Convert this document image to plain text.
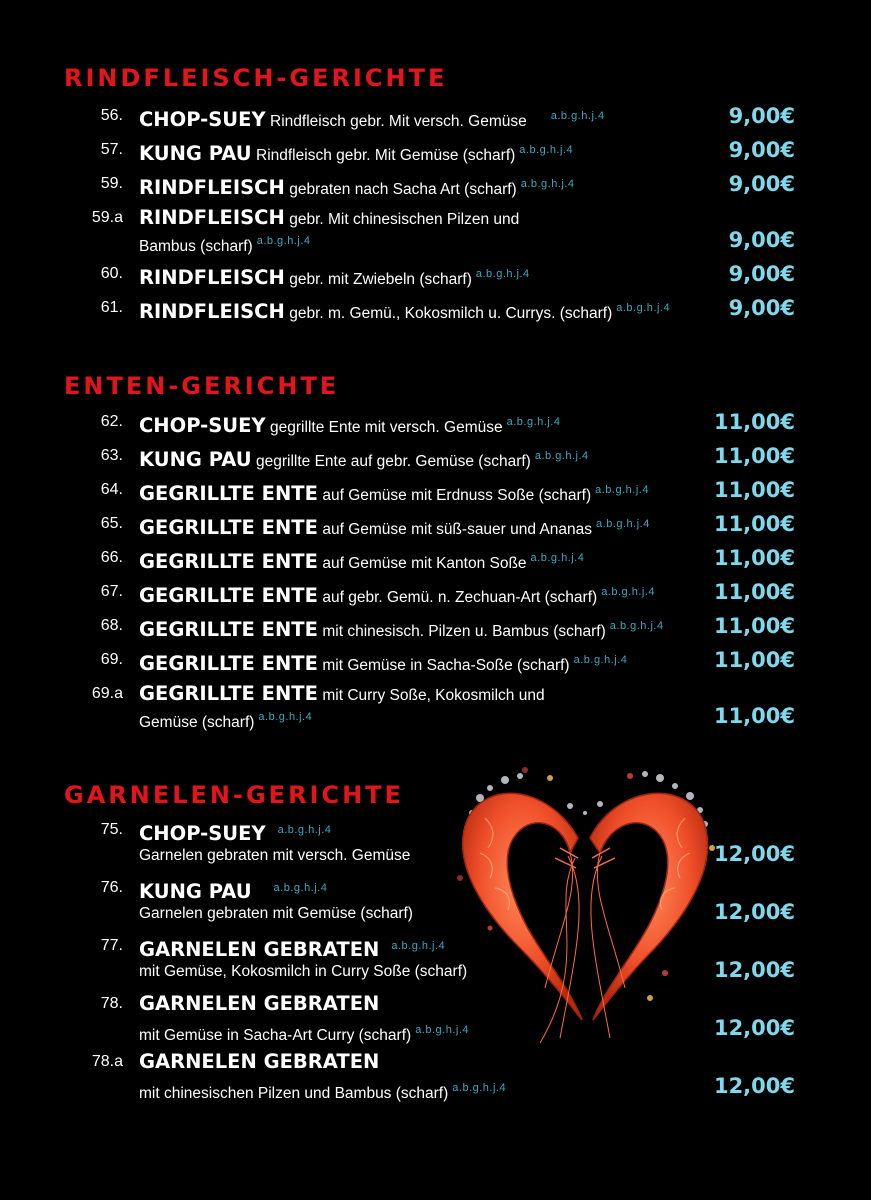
RINDFLEISCH-GERICHTE
ENTEN-GERICHTE
GARNELEN-GERICHTE
56. CHOP-SUEY Rindfleisch gebr. Mit versch. Gemüse $^{a.b.g.h.j.4}$	9,00€
57. KUNG PAU Rindfleisch gebr. Mit Gemüse (scharf) $^{a.b.g.h.j.4}$	9,00€
59. RINDFLEISCH gebraten nach Sacha Art (scharf) $^{a.b.g.h.j.4}$	9,00€
59.a RINDFLEISCH gebr. Mit chinesischen Pilzen und
Bambus (scharf) $^{a.b.g.h.j.4}$	9,00€
60. RINDFLEISCH gebr. mit Zwiebeln (scharf) $^{a.b.g.h.j.4}$	9,00€
61. RINDFLEISCH gebr. m. Gemü., Kokosmilch u. Currys. (scharf) $^{a.b.g.h.j.4}$	9,00€
62. CHOP-SUEY gegrillte Ente mit versch. Gemüse $^{a.b.g.h.j.4}$	11,00€
63. KUNG PAU gegrillte Ente auf gebr. Gemüse (scharf) $^{a.b.g.h.j.4}$	11,00€
64. GEGRILLTE ENTE auf Gemüse mit Erdnuss Soße (scharf) $^{a.b.g.h.j.4}$	11,00€
65. GEGRILLTE ENTE auf Gemüse mit süß-sauer und Ananas $^{a.b.g.h.j.4}$	11,00€
66. GEGRILLTE ENTE auf Gemüse mit Kanton Soße $^{a.b.g.h.j.4}$	11,00€
67. GEGRILLTE ENTE auf gebr. Gemü. n. Zechuan-Art (scharf) $^{a.b.g.h.j.4}$	11,00€
68. GEGRILLTE ENTE mit chinesisch. Pilzen u. Bambus (scharf) $^{a.b.g.h.j.4}$ 11,00€
69. GEGRILLTE ENTE mit Gemüse in Sacha-Soße (scharf) $^{a.b.g.h.j.4}$	11,00€
69.a GEGRILLTE ENTE mit Curry Soße, Kokosmilch und
Gemüse (scharf) $^{a.b.g.h.j.4}$	11,00€
75. CHOP-SUEY $^{a.b.g.h.j.4}$
Garnelen gebraten mit versch. Gemüse	12,00€
76. KUNG PAU $^{a.b.g.h.j.4}$
Garnelen gebraten mit Gemüse (scharf)	12,00€
77. GARNELEN GEBRATEN $^{a.b.g.h.j.4}$
mit Gemüse, Kokosmilch in Curry Soße (scharf)	12,00€
78. GARNELEN GEBRATEN
mit Gemüse in Sacha-Art Curry (scharf) $^{a.b.g.h.j.4}$	12,00€
78.a GARNELEN GEBRATEN
mit chinesischen Pilzen und Bambus (scharf) $^{a.b.g.h.j.4}$	12,00€
